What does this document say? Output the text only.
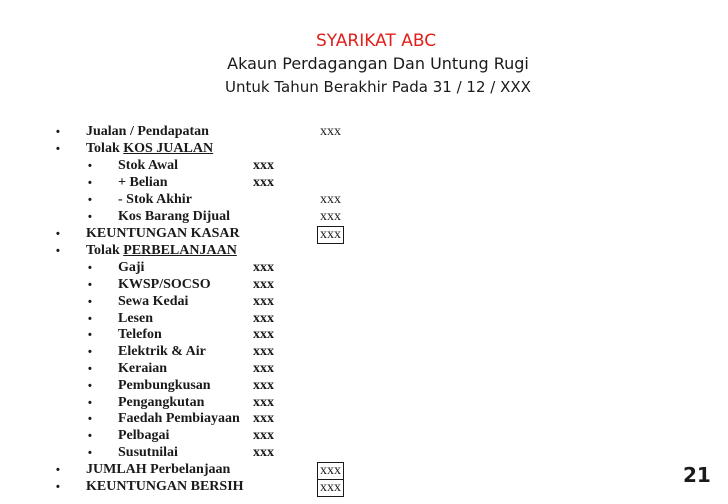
SYARIKAT ABC
Akaun Perdagangan Dan Untung Rugi
Untuk Tahun Berakhir Pada 31 / 12 / XXX
• Jualan / Pendapatan	xxx
• Tolak KOS JUALAN
• Stok Awal	xxx
• + Belian	xxx
• - Stok Akhir	xxx
• Kos Barang Dijual	xxx
• KEUNTUNGAN KASAR	xxx
• Tolak PERBELANJAAN
• Gaji	xxx
• KWSP/SOCSO	xxx
• Sewa Kedai	xxx
• Lesen	xxx
• Telefon	xxx
• Elektrik & Air	xxx
• Keraian	xxx
• Pembungkusan	xxx
• Pengangkutan	xxx
• Faedah Pembiayaan xxx
• Pelbagai	xxx
• Susutnilai	xxx
• JUMLAH Perbelanjaan	xxx
• KEUNTUNGAN BERSIH	xxx
21
